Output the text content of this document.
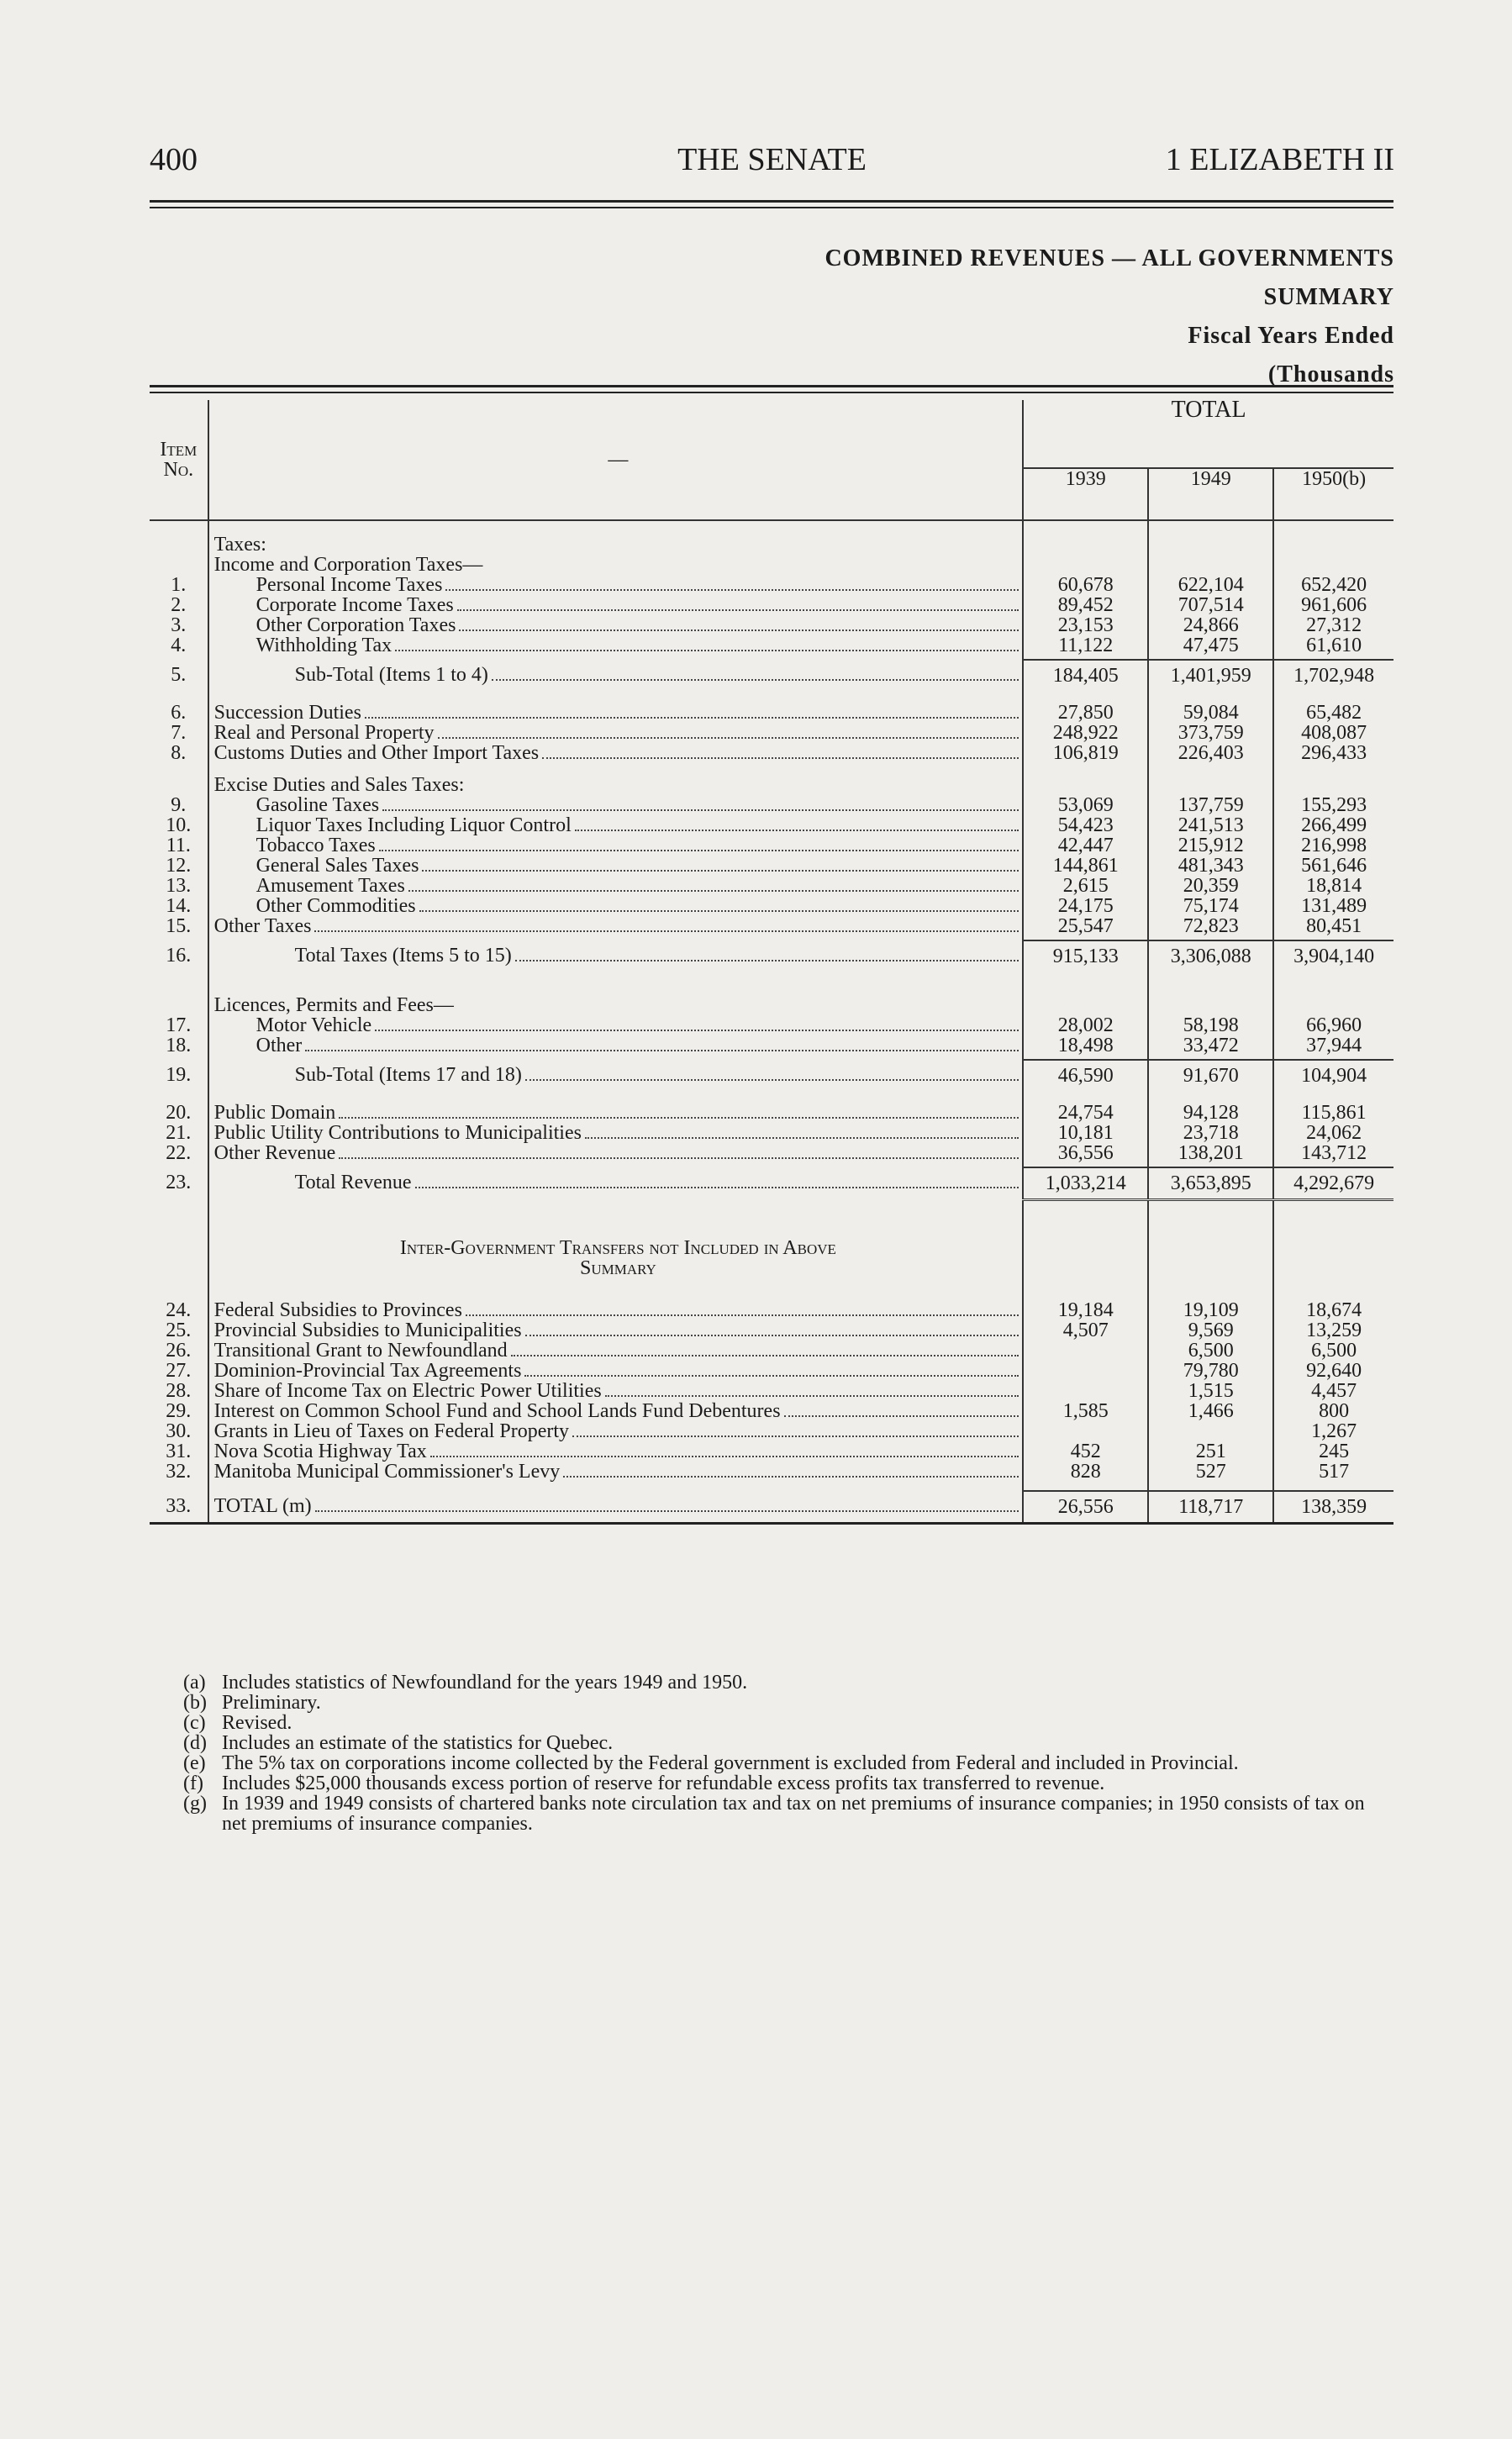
400	THE SENATE	1 ELIZABETH II
COMBINED REVENUES — ALL GOVERNMENTS
SUMMARY
Fiscal Years Ended
(Thousands
Item No.	—	TOTAL		
		1939	1949	1950(b)

	Taxes:			

	Income and Corporation Taxes—			

1.	Personal Income Taxes	60,678	622,104	652,420
2.	Corporate Income Taxes	89,452	707,514	961,606
3.	Other Corporation Taxes	23,153	24,866	27,312
4.	Withholding Tax	11,122	47,475	61,610

5.	Sub-Total (Items 1 to 4)	184,405	1,401,959	1,702,948

6.	Succession Duties	27,850	59,084	65,482
7.	Real and Personal Property	248,922	373,759	408,087
8.	Customs Duties and Other Import Taxes	106,819	226,403	296,433

	Excise Duties and Sales Taxes:			

9.	Gasoline Taxes	53,069	137,759	155,293
10.	Liquor Taxes Including Liquor Control	54,423	241,513	266,499
11.	Tobacco Taxes	42,447	215,912	216,998
12.	General Sales Taxes	144,861	481,343	561,646
13.	Amusement Taxes	2,615	20,359	18,814
14.	Other Commodities	24,175	75,174	131,489
15.	Other Taxes	25,547	72,823	80,451

16.	Total Taxes (Items 5 to 15)	915,133	3,306,088	3,904,140

	Licences, Permits and Fees—			

17.	Motor Vehicle	28,002	58,198	66,960
18.	Other	18,498	33,472	37,944

19.	Sub-Total (Items 17 and 18)	46,590	91,670	104,904

20.	Public Domain	24,754	94,128	115,861
21.	Public Utility Contributions to Municipalities	10,181	23,718	24,062
22.	Other Revenue	36,556	138,201	143,712

23.	Total Revenue	1,033,214	3,653,895	4,292,679

	Inter-Government Transfers not Included in Above
Summary			

24.	Federal Subsidies to Provinces	19,184	19,109	18,674
25.	Provincial Subsidies to Municipalities	4,507	9,569	13,259
26.	Transitional Grant to Newfoundland		6,500	6,500
27.	Dominion-Provincial Tax Agreements		79,780	92,640
28.	Share of Income Tax on Electric Power Utilities		1,515	4,457
29.	Interest on Common School Fund and School Lands Fund Debentures	1,585	1,466	800
30.	Grants in Lieu of Taxes on Federal Property			1,267
31.	Nova Scotia Highway Tax	452	251	245
32.	Manitoba Municipal Commissioner's Levy	828	527	517

33.	TOTAL (m)	26,556	118,717	138,359

(a) Includes statistics of Newfoundland for the years 1949 and 1950.
(b) Preliminary.
(c) Revised.
(d) Includes an estimate of the statistics for Quebec.
(e) The 5% tax on corporations income collected by the Federal government is excluded from Federal and included in Provincial.
(f) Includes $25,000 thousands excess portion of reserve for refundable excess profits tax transferred to revenue.
(g) In 1939 and 1949 consists of chartered banks note circulation tax and tax on net premiums of insurance companies; in 1950 consists of tax on net premiums of insurance companies.
